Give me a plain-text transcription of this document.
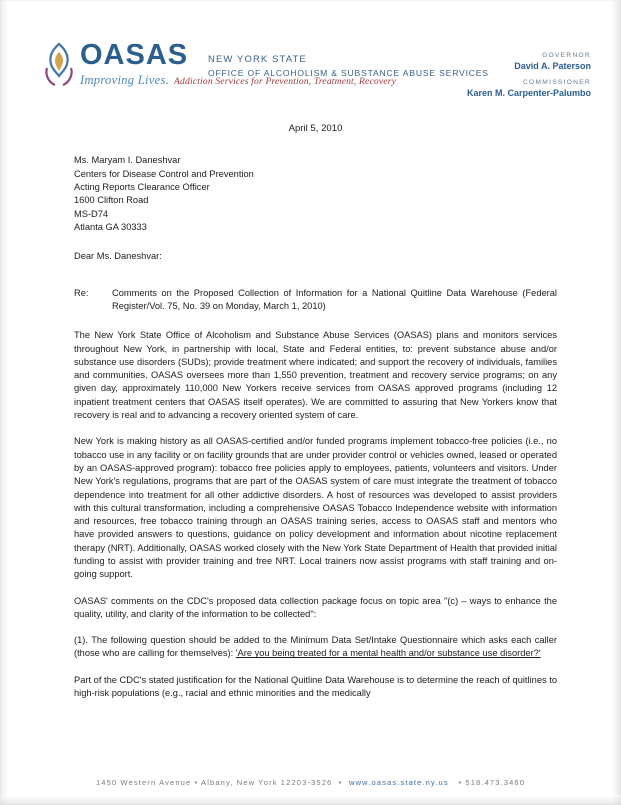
OASAS
Improving Lives. Addiction Services for Prevention, Treatment, Recovery
NEW YORK STATE
OFFICE OF ALCOHOLISM & SUBSTANCE ABUSE SERVICES
GOVERNOR
David A. Paterson
COMMISSIONER
Karen M. Carpenter-Palumbo
April 5, 2010
Ms. Maryam I. Daneshvar
Centers for Disease Control and Prevention
Acting Reports Clearance Officer
1600 Clifton Road
MS-D74
Atlanta GA 30333
Dear Ms. Daneshvar:
Re:	Comments on the Proposed Collection of Information for a National Quitline Data Warehouse (Federal Register/Vol. 75, No. 39 on Monday, March 1, 2010)

The New York State Office of Alcoholism and Substance Abuse Services (OASAS) plans and monitors services throughout New York, in partnership with local, State and Federal entities, to: prevent substance abuse and/or substance use disorders (SUDs); provide treatment where indicated; and support the recovery of individuals, families and communities. OASAS oversees more than 1,550 prevention, treatment and recovery service programs; on any given day, approximately 110,000 New Yorkers receive services from OASAS approved programs (including 12 inpatient treatment centers that OASAS itself operates). We are committed to assuring that New Yorkers know that recovery is real and to advancing a recovery oriented system of care.

New York is making history as all OASAS-certified and/or funded programs implement tobacco-free policies (i.e., no tobacco use in any facility or on facility grounds that are under provider control or vehicles owned, leased or operated by an OASAS-approved program): tobacco free policies apply to employees, patients, volunteers and visitors. Under New York's regulations, programs that are part of the OASAS system of care must integrate the treatment of tobacco dependence into treatment for all other addictive disorders. A host of resources was developed to assist providers with this cultural transformation, including a comprehensive OASAS Tobacco Independence website with information and resources, free tobacco training through an OASAS training series, access to OASAS staff and mentors who have provided answers to questions, guidance on policy development and information about nicotine replacement therapy (NRT). Additionally, OASAS worked closely with the New York State Department of Health that provided initial funding to assist with provider training and free NRT. Local trainers now assist programs with staff training and on-going support.

OASAS' comments on the CDC's proposed data collection package focus on topic area "(c) – ways to enhance the quality, utility, and clarity of the information to be collected":

(1). The following question should be added to the Minimum Data Set/Intake Questionnaire which asks each caller (those who are calling for themselves): 'Are you being treated for a mental health and/or substance use disorder?'

Part of the CDC's stated justification for the National Quitline Data Warehouse is to determine the reach of quitlines to high-risk populations (e.g., racial and ethnic minorities and the medically

1450 Western Avenue • Albany, New York 12203-3526  •  www.oasas.state.ny.us • 518.473.3460
